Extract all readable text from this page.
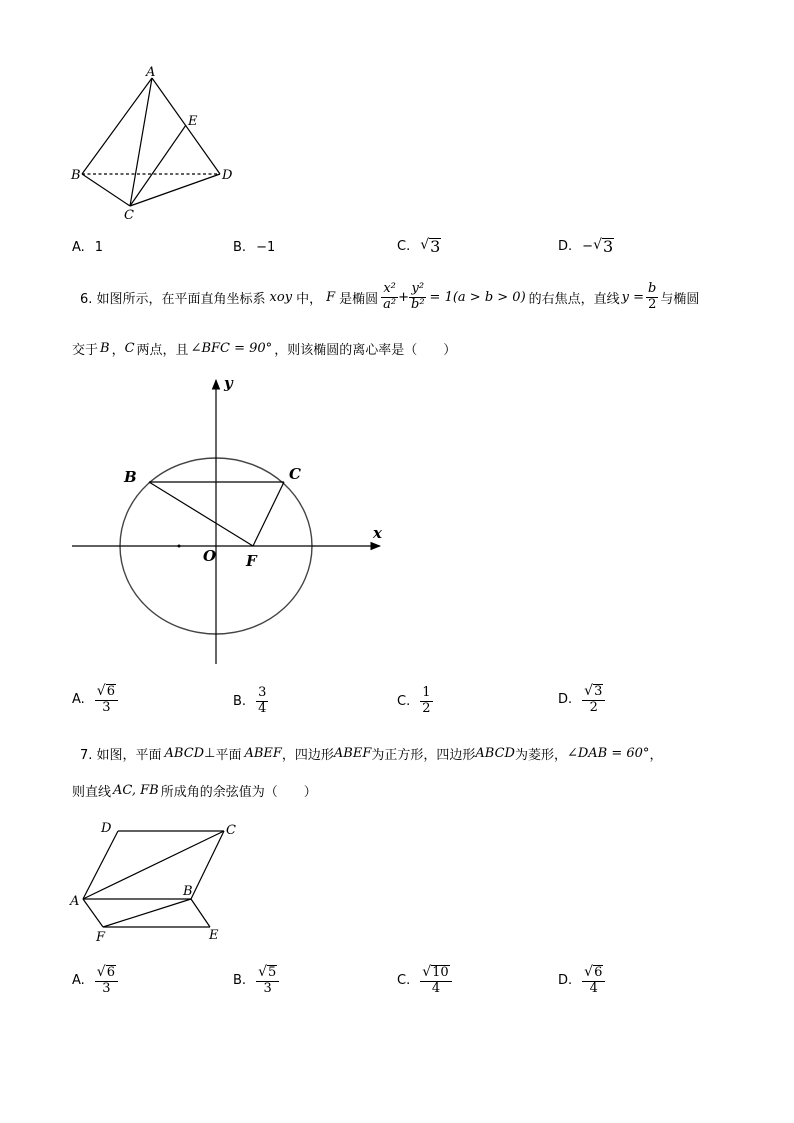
A
E
B	D
C
A. 1	B. −1	C. √ 3	D. − √ 3
6. 如图所示，在平面直角坐标系 xoy 中， F 是椭圆 $\frac{\text{x²}}{\text{a²}} + \frac{\text{y²}}{\text{b²}} = 1(a > b > 0)$ 的右焦点，直线 $y = \frac{b}{2}$ 与椭圆
交于 B ， C 两点，且 ∠BFC = 90° ，则该椭圆的离心率是（　　）
y
x
B	C
O F
A. $\frac{√ 6}{3}$	B. $\frac{3}{4}$	C. $\frac{1}{2}$	D. $\frac{√ 3}{2}$
7. 如图，平面 ABCD ⊥ 平面 ABEF ，四边形 ABEF 为正方形，四边形 ABCD 为菱形， ∠DAB = 60° ，
则直线 AC, FB 所成角的余弦值为（　　）
D	C
A
B
F	E
A. $\frac{√ 6}{3}$	B. $\frac{√ 5}{3}$	C. $\frac{√ 10}{4}$	D. $\frac{√ 6}{4}$
